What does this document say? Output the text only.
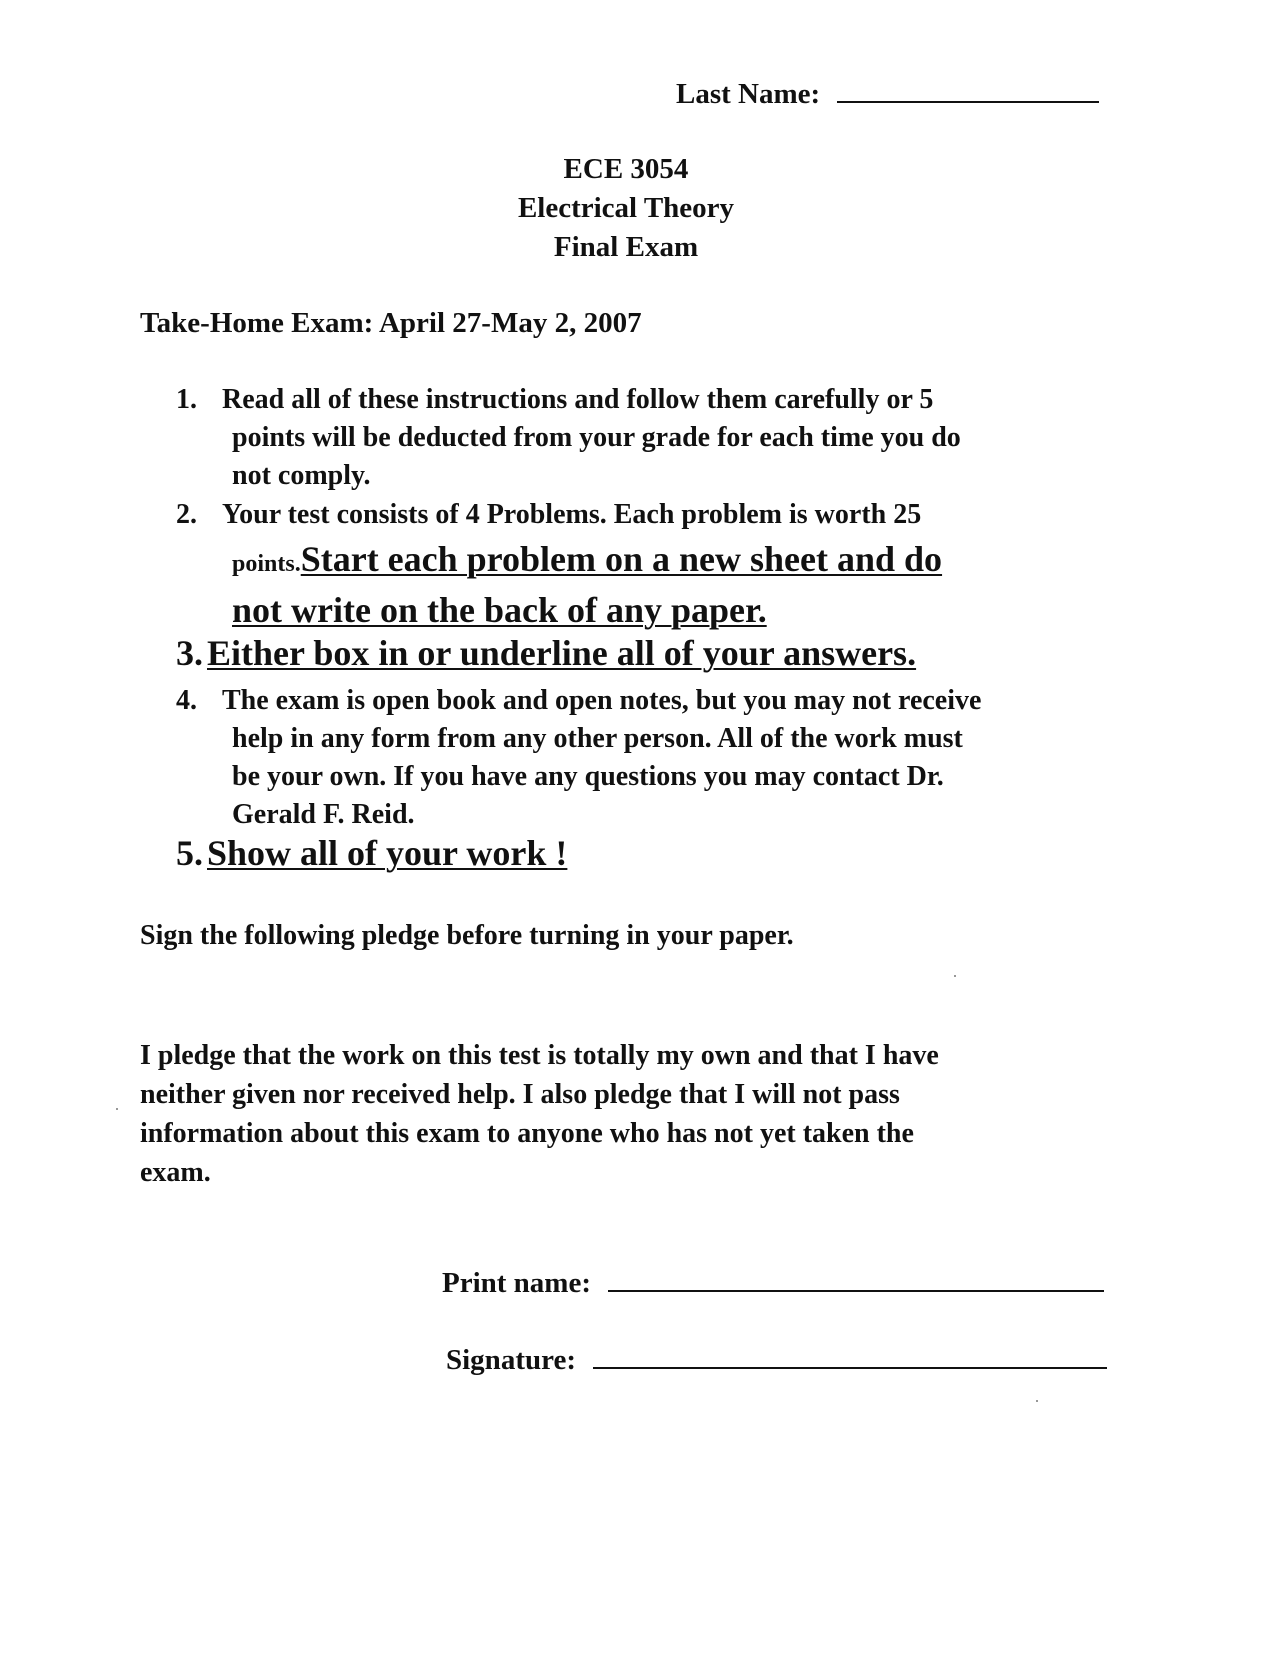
Last Name:
ECE 3054
Electrical Theory
Final Exam
Take-Home Exam: April 27-May 2, 2007
1. Read all of these instructions and follow them carefully or 5
points will be deducted from your grade for each time you do
not comply.
2. Your test consists of 4 Problems. Each problem is worth 25
points.Start each problem on a new sheet and do
not write on the back of any paper.
3. Either box in or underline all of your answers.
4. The exam is open book and open notes, but you may not receive
help in any form from any other person. All of the work must
be your own. If you have any questions you may contact Dr.
Gerald F. Reid.
5. Show all of your work !
Sign the following pledge before turning in your paper.
I pledge that the work on this test is totally my own and that I have
neither given nor received help. I also pledge that I will not pass
information about this exam to anyone who has not yet taken the
exam.
Print name:
Signature:
